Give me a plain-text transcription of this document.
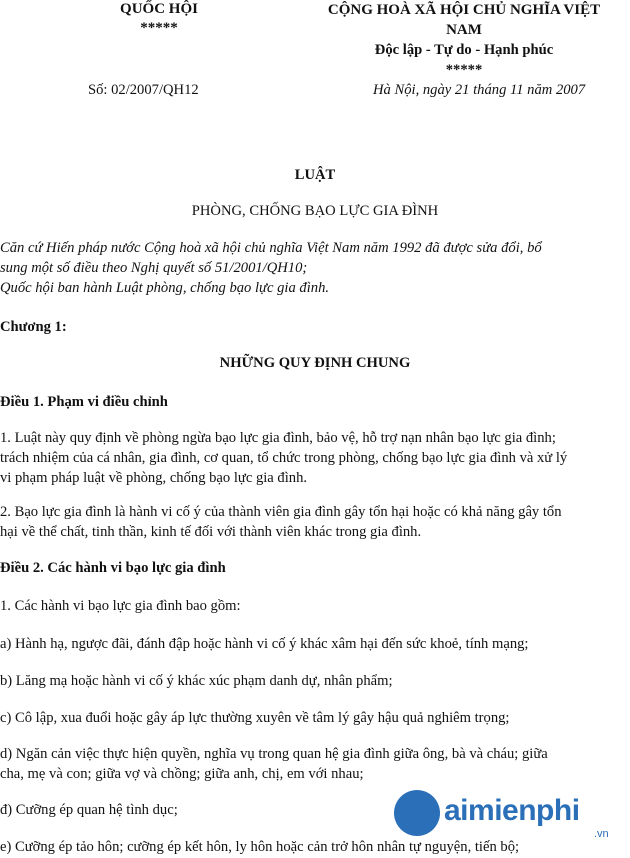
QUỐC HỘI
*****
CỘNG HOÀ XÃ HỘI CHỦ NGHĨA VIỆT
NAM
Độc lập - Tự do - Hạnh phúc
*****
Số: 02/2007/QH12	Hà Nội, ngày 21 tháng 11 năm 2007
LUẬT
PHÒNG, CHỐNG BẠO LỰC GIA ĐÌNH
Căn cứ Hiến pháp nước Cộng hoà xã hội chủ nghĩa Việt Nam năm 1992 đã được sửa đổi, bổ
sung một số điều theo Nghị quyết số 51/2001/QH10;
Quốc hội ban hành Luật phòng, chống bạo lực gia đình.
Chương 1:
NHỮNG QUY ĐỊNH CHUNG
Điều 1. Phạm vi điều chỉnh
1. Luật này quy định về phòng ngừa bạo lực gia đình, bảo vệ, hỗ trợ nạn nhân bạo lực gia đình;
trách nhiệm của cá nhân, gia đình, cơ quan, tổ chức trong phòng, chống bạo lực gia đình và xử lý
vi phạm pháp luật về phòng, chống bạo lực gia đình.
2. Bạo lực gia đình là hành vi cố ý của thành viên gia đình gây tổn hại hoặc có khả năng gây tổn
hại về thể chất, tinh thần, kinh tế đối với thành viên khác trong gia đình.
Điều 2. Các hành vi bạo lực gia đình
1. Các hành vi bạo lực gia đình bao gồm:
a) Hành hạ, ngược đãi, đánh đập hoặc hành vi cố ý khác xâm hại đến sức khoẻ, tính mạng;
b) Lăng mạ hoặc hành vi cố ý khác xúc phạm danh dự, nhân phẩm;
c) Cô lập, xua đuổi hoặc gây áp lực thường xuyên về tâm lý gây hậu quả nghiêm trọng;
d) Ngăn cản việc thực hiện quyền, nghĩa vụ trong quan hệ gia đình giữa ông, bà và cháu; giữa
cha, mẹ và con; giữa vợ và chồng; giữa anh, chị, em với nhau;
đ) Cưỡng ép quan hệ tình dục;
e) Cưỡng ép tảo hôn; cưỡng ép kết hôn, ly hôn hoặc cản trở hôn nhân tự nguyện, tiến bộ;
aimienphi
.vn
